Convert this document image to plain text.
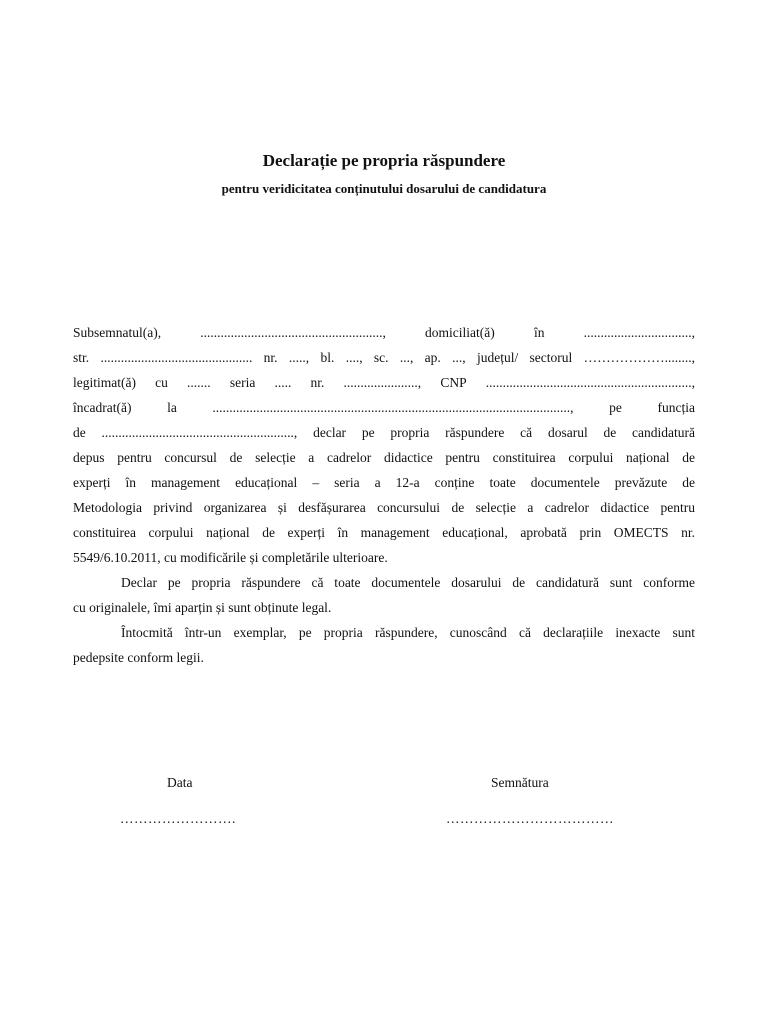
Declarație pe propria răspundere
pentru veridicitatea conținutului dosarului de candidatura
Subsemnatul(a),	......................................................,	domiciliat(ă)	în	................................,
str. ............................................. nr. ....., bl. ...., sc. ..., ap. ..., județul/ sectorul ………………........,
legitimat(ă) cu ....... seria ..... nr. ......................, CNP .............................................................,
încadrat(ă)	la	..........................................................................................................,	pe	funcția
de ........................................................., declar pe propria răspundere că dosarul de candidatură
depus pentru concursul de selecție a cadrelor didactice pentru constituirea corpului național de
experți în management educațional – seria a 12-a conține toate documentele prevăzute de
Metodologia privind organizarea și desfășurarea concursului de selecție a cadrelor didactice pentru
constituirea corpului național de experți în management educațional, aprobată prin OMECTS nr.
5549/6.10.2011, cu modificările și completările ulterioare.
Declar pe propria răspundere că toate documentele dosarului de candidatură sunt conforme
cu originalele, îmi aparțin și sunt obținute legal.
Întocmită într-un exemplar, pe propria răspundere, cunoscând că declarațiile inexacte sunt
pedepsite conform legii.
Data
…………………….
Semnătura
………………………………
